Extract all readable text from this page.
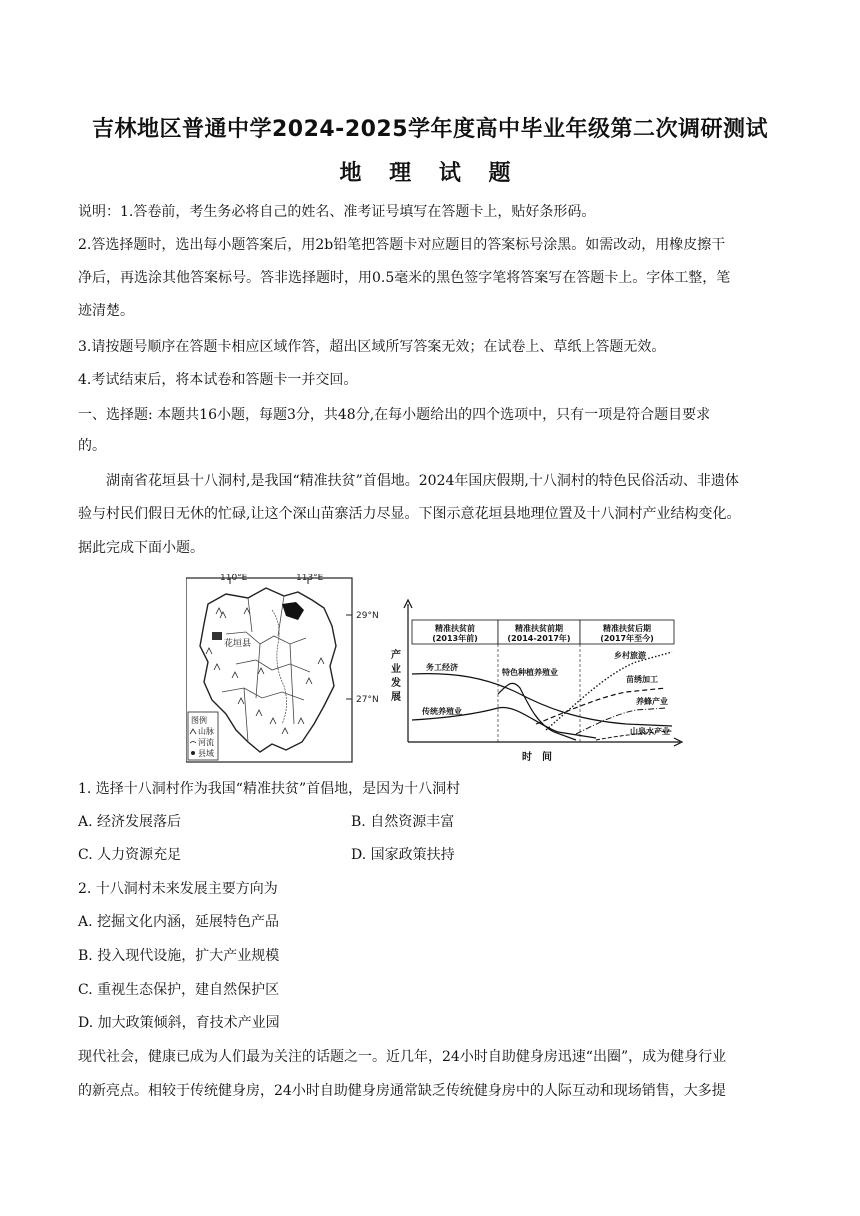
吉林地区普通中学2024-2025学年度高中毕业年级第二次调研测试
地 理 试 题
说明：1.答卷前，考生务必将自己的姓名、准考证号填写在答题卡上，贴好条形码。
2.答选择题时，选出每小题答案后，用2b铅笔把答题卡对应题目的答案标号涂黑。如需改动，用橡皮擦干
净后，再选涂其他答案标号。答非选择题时，用0.5毫米的黑色签字笔将答案写在答题卡上。字体工整，笔
迹清楚。
3.请按题号顺序在答题卡相应区域作答，超出区域所写答案无效；在试卷上、草纸上答题无效。
4.考试结束后，将本试卷和答题卡一并交回。
一、选择题: 本题共16小题，每题3分，共48分,在每小题给出的四个选项中，只有一项是符合题目要求
的。
湖南省花垣县十八洞村,是我国“精准扶贫”首倡地。2024年国庆假期,十八洞村的特色民俗活动、非遗体
验与村民们假日无休的忙碌,让这个深山苗寨活力尽显。下图示意花垣县地理位置及十八洞村产业结构变化。
据此完成下面小题。
110°E	113°E
29°N
27°N
花垣县
图例
山脉
河流
县域
产 业 发 展
时间
精准扶贫前
(2013年前)
精准扶贫前期
(2014-2017年)
精准扶贫后期
(2017年至今)
务工经济
传统养殖业
特色种植养殖业
乡村旅游
苗绣加工
养蜂产业
山泉水产业
1. 选择十八洞村作为我国“精准扶贫”首倡地，是因为十八洞村
A. 经济发展落后	B. 自然资源丰富
C. 人力资源充足	D. 国家政策扶持
2. 十八洞村未来发展主要方向为
A. 挖掘文化内涵，延展特色产品
B. 投入现代设施，扩大产业规模
C. 重视生态保护，建自然保护区
D. 加大政策倾斜，育技术产业园
现代社会，健康已成为人们最为关注的话题之一。近几年，24小时自助健身房迅速“出圈”，成为健身行业
的新亮点。相较于传统健身房，24小时自助健身房通常缺乏传统健身房中的人际互动和现场销售，大多提
